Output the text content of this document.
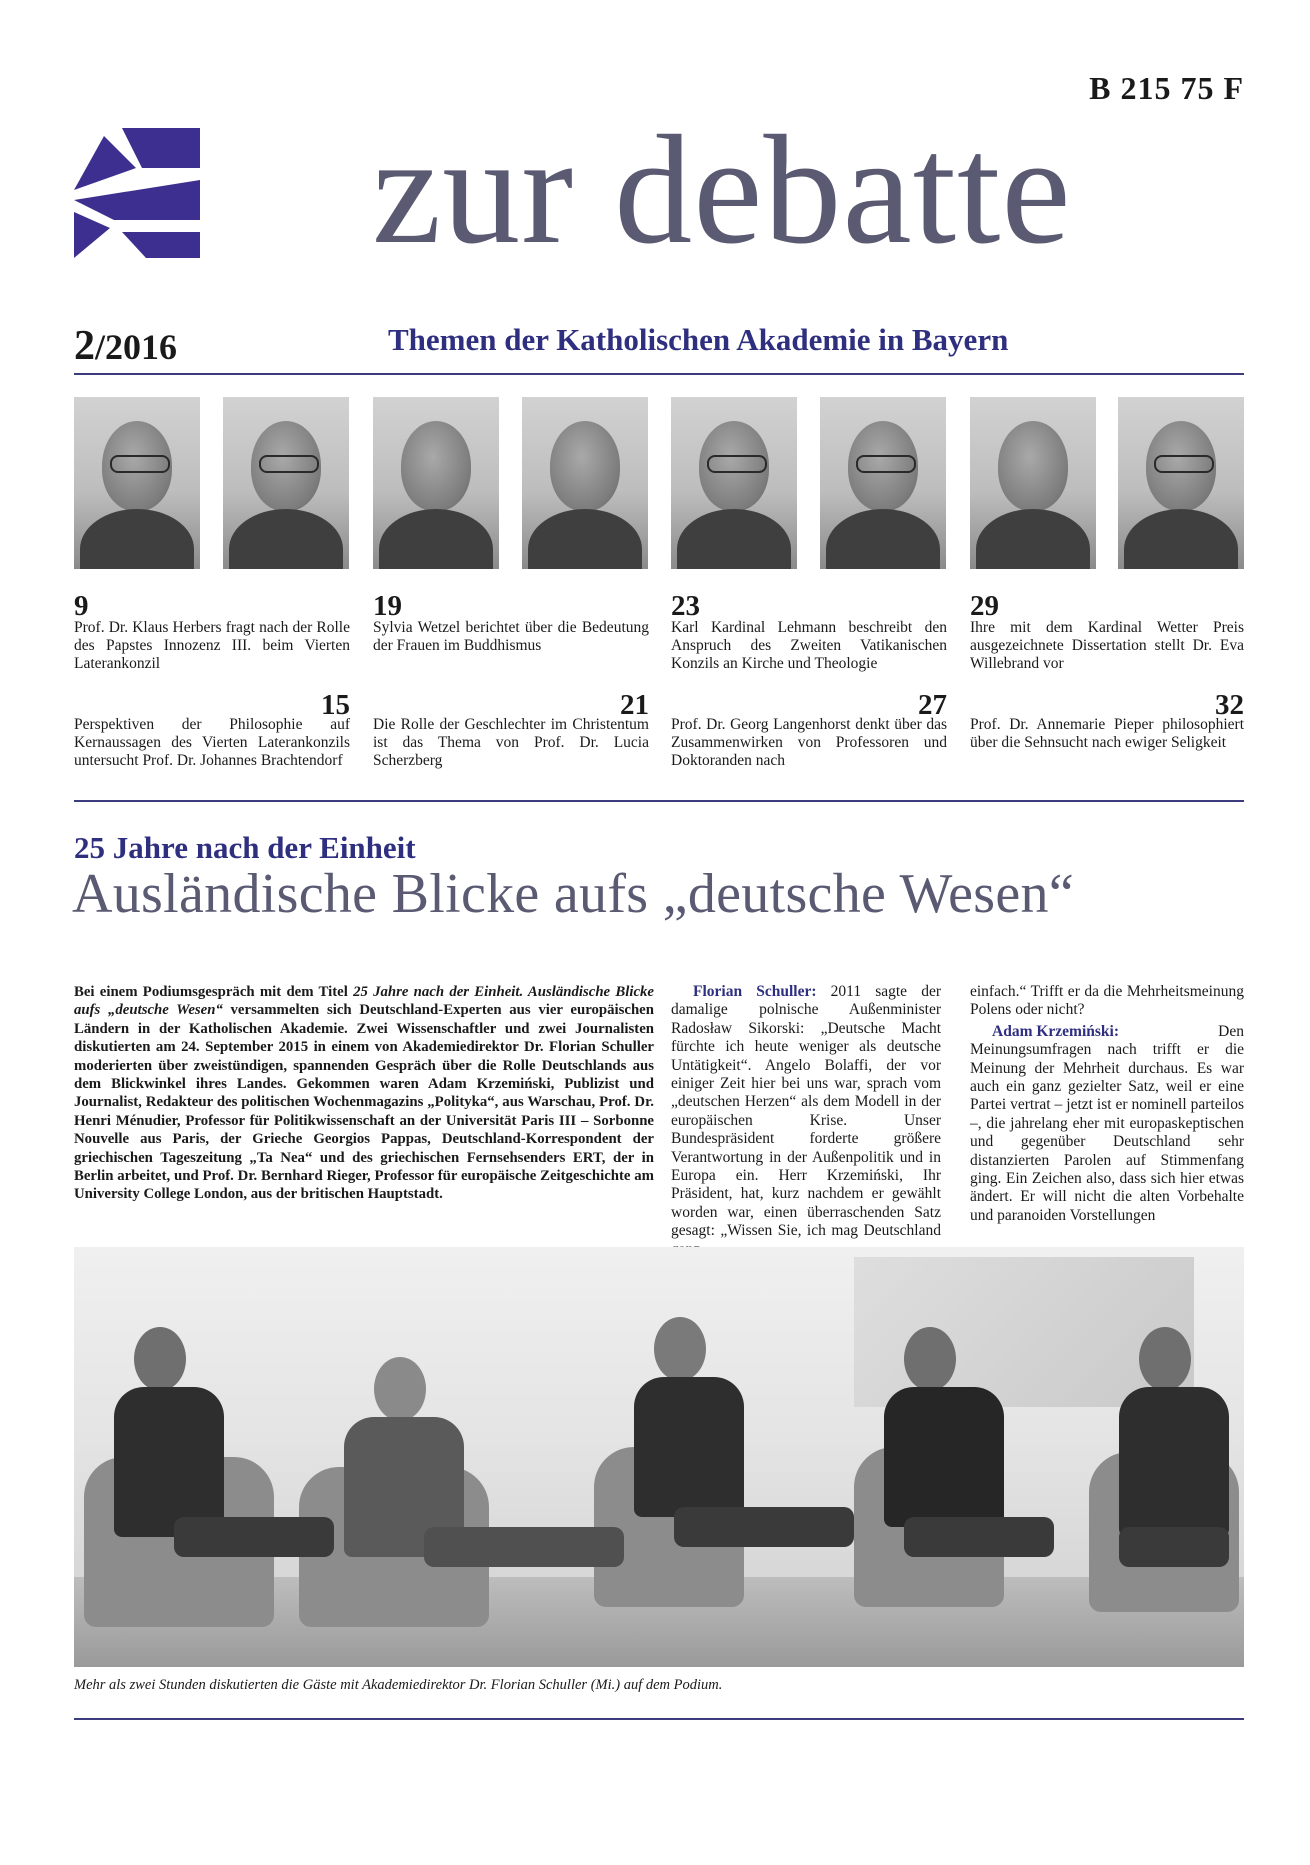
B 215 75 F
zur debatte
2/2016	Themen der Katholischen Akademie in Bayern
9
Prof. Dr. Klaus Herbers fragt nach der Rolle des Papstes Innozenz III. beim Vierten Laterankonzil
19
Sylvia Wetzel berichtet über die Bedeutung der Frauen im Buddhismus
23
Karl Kardinal Lehmann beschreibt den Anspruch des Zweiten Vatikanischen Konzils an Kirche und Theologie
29
Ihre mit dem Kardinal Wetter Preis ausgezeichnete Dissertation stellt Dr. Eva Willebrand vor
15
Perspektiven der Philosophie auf Kernaussagen des Vierten Laterankonzils untersucht Prof. Dr. Johannes Brachtendorf
21
Die Rolle der Geschlechter im Christentum ist das Thema von Prof. Dr. Lucia Scherzberg
27
Prof. Dr. Georg Langenhorst denkt über das Zusammenwirken von Professoren und Doktoranden nach
32
Prof. Dr. Annemarie Pieper philosophiert über die Sehnsucht nach ewiger Seligkeit
25 Jahre nach der Einheit
Ausländische Blicke aufs „deutsche Wesen“
Bei einem Podiumsgespräch mit dem Titel 25 Jahre nach der Einheit. Ausländische Blicke aufs „deutsche Wesen“ versammelten sich Deutschland-Experten aus vier europäischen Ländern in der Katholischen Akademie. Zwei Wissenschaftler und zwei Journalisten diskutierten am 24. September 2015 in einem von Akademiedirektor Dr. Florian Schuller moderierten über zweistündigen, spannenden Gespräch über die Rolle Deutschlands aus dem Blickwinkel ihres Landes. Gekommen waren Adam Krzemiński, Publizist und Journalist, Redakteur des politischen Wochenmagazins „Polityka“, aus Warschau, Prof. Dr. Henri Ménudier, Professor für Politikwissenschaft an der Universität Paris III – Sorbonne Nouvelle aus Paris, der Grieche Georgios Pappas, Deutschland-Korrespondent der griechischen Tageszeitung „Ta Nea“ und des griechischen Fernsehsenders ERT, der in Berlin arbeitet, und Prof. Dr. Bernhard Rieger, Professor für europäische Zeitgeschichte am University College London, aus der britischen Hauptstadt.
Florian Schuller: 2011 sagte der damalige polnische Außenminister Radosław Sikorski: „Deutsche Macht fürchte ich heute weniger als deutsche Untätigkeit“. Angelo Bolaffi, der vor einiger Zeit hier bei uns war, sprach vom „deutschen Herzen“ als dem Modell in der europäischen Krise. Unser Bundespräsident forderte größere Verantwortung in der Außenpolitik und in Europa ein. Herr Krzemiński, Ihr Präsident, hat, kurz nachdem er gewählt worden war, einen überraschenden Satz gesagt: „Wissen Sie, ich mag Deutschland
einfach.“ Trifft er da die Mehrheitsmeinung Polens oder nicht?
Adam Krzemiński: Den Meinungsumfragen nach trifft er die Meinung der Mehrheit durchaus. Es war auch ein ganz gezielter Satz, weil er eine Partei vertrat – jetzt ist er nominell parteilos –, die jahrelang eher mit europaskeptischen und gegenüber Deutschland sehr distanzierten Parolen auf Stimmenfang ging. Ein Zeichen also, dass sich hier etwas ändert. Er will nicht die alten Vorbehalte und paranoiden Vorstellungen
Mehr als zwei Stunden diskutierten die Gäste mit Akademiedirektor Dr. Florian Schuller (Mi.) auf dem Podium.
